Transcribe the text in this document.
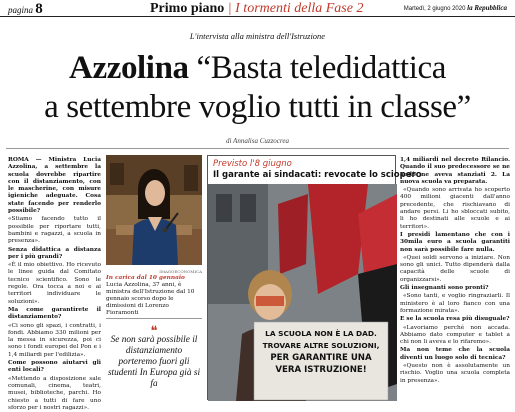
pagina 8	Primo piano | I tormenti della Fase 2	Martedì, 2 giugno 2020 la Repubblica
L'intervista alla ministra dell'Istruzione
Azzolina “Basta teledidattica
a settembre voglio tutti in classe”
di Annalisa Cuzzocrea

ROMA — Ministra Lucia Azzolina, a settembre la scuola dovrebbe ripartire con il distanziamento, con le mascherine, con misure igieniche adeguate. Cosa state facendo per renderlo possibile?

«Stiamo facendo tutto il possibile per riportare tutti, bambini e ragazzi, a scuola in presenza».

Senza didattica a distanza per i più grandi?

«È il mio obiettivo. Ho ricevuto le linee guida dal Comitato tecnico scientifico. Sono le regole. Ora tocca a noi e ai territori individuare le soluzioni».

Ma come garantirete il distanziamento?

«Ci sono gli spazi, i contratti, i fondi. Abbiamo 330 milioni per la messa in sicurezza, poi ci sono i fondi europei del Pon e i 1,4 miliardi per l'edilizia».

Come possono aiutarvi gli enti locali?

«Mettendo a disposizione sale comunali, cinema, teatri, musei, biblioteche, parchi. Ho chiesto a tutti di fare uno sforzo per i nostri ragazzi».

IMAGOECONOMICA
In carica dal 10 gennaio
Lucia Azzolina, 37 anni, è ministra dell'Istruzione dal 10 gennaio scorso dopo le dimissioni di Lorenzo Fioramonti
❝
Se non sarà possibile il distanziamento porteremo fuori gli studenti In Europa già si fa
Previsto l'8 giugno
Il garante ai sindacati: revocate lo sciopero
LA SCUOLA NON È LA DAD.
TROVARE ALTRE SOLUZIONI,
PER GARANTIRE UNA
VERA ISTRUZIONE!

1,4 miliardi nel decreto Rilancio. Quando il suo predecessore se ne andò ne aveva stanziati 2. La nuova scuola va preparata.

«Quando sono arrivata ho scoperto 400 milioni giacenti dall'anno precedente, che rischiavano di andare persi. Li ho sbloccati subito, li ho destinati alle scuole e ai territori».

I presidi lamentano che con i 30mila euro a scuola garantiti non sarà possibile fare nulla.

«Quei soldi servono a iniziare. Non sono gli unici. Tutto dipenderà dalla capacità delle scuole di organizzarsi».

Gli insegnanti sono pronti?

«Sono tanti, e voglio ringraziarli. Il ministero è al loro fianco con una formazione mirata».

E se la scuola resa più disuguale?

«Lavoriamo perché non accada. Abbiamo dato computer e tablet a chi non li aveva e lo rifaremo».

Ma non teme che la scuola diventi un luogo solo di tecnica?

«Questo non è assolutamente un rischio. Voglio una scuola completa in presenza».
